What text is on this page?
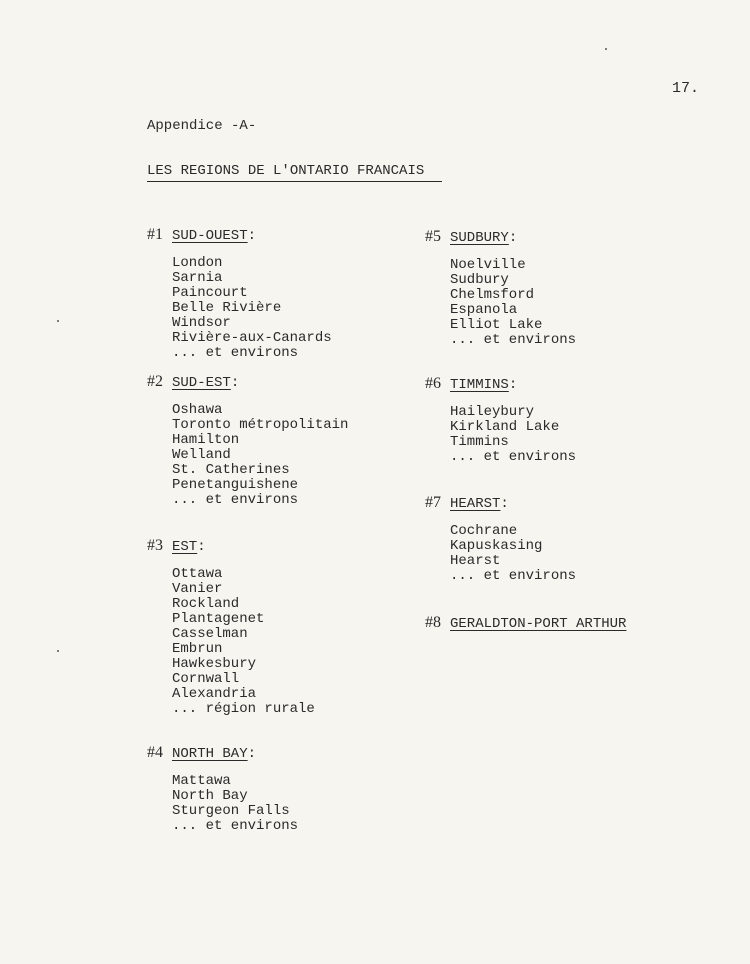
17.
Appendice -A-
LES REGIONS DE L'ONTARIO FRANCAIS
#1 SUD-OUEST:
London
Sarnia
Paincourt
Belle Rivière
Windsor
Rivière-aux-Canards
... et environs
#2 SUD-EST:
Oshawa
Toronto métropolitain
Hamilton
Welland
St. Catherines
Penetanguishene
... et environs
#3 EST:
Ottawa
Vanier
Rockland
Plantagenet
Casselman
Embrun
Hawkesbury
Cornwall
Alexandria
... région rurale
#4 NORTH BAY:
Mattawa
North Bay
Sturgeon Falls
... et environs
#5 SUDBURY:
Noelville
Sudbury
Chelmsford
Espanola
Elliot Lake
... et environs
#6 TIMMINS:
Haileybury
Kirkland Lake
Timmins
... et environs
#7 HEARST:
Cochrane
Kapuskasing
Hearst
... et environs
#8 GERALDTON-PORT ARTHUR
